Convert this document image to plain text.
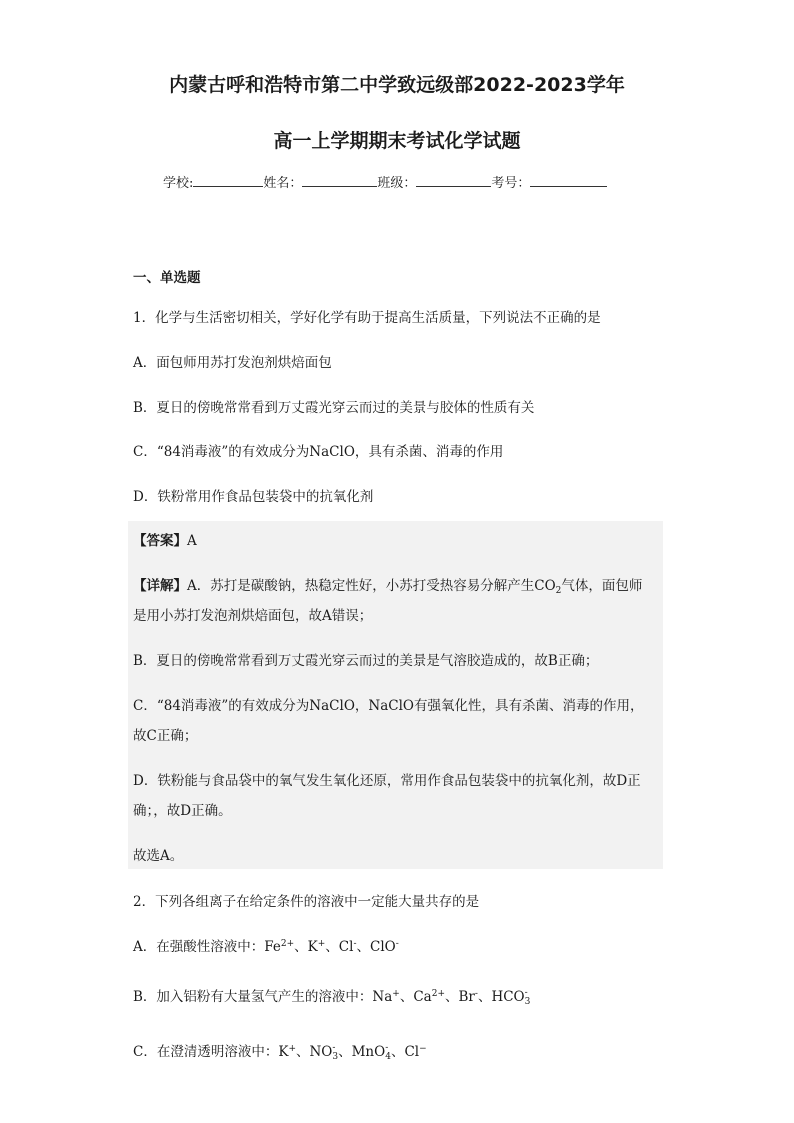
内蒙古呼和浩特市第二中学致远级部2022-2023学年
高一上学期期末考试化学试题
学校:	姓名：	班级：	考号：
一、单选题
1．化学与生活密切相关，学好化学有助于提高生活质量，下列说法不正确的是
A．面包师用苏打发泡剂烘焙面包
B．夏日的傍晚常常看到万丈霞光穿云而过的美景与胶体的性质有关
C．“84消毒液”的有效成分为NaClO，具有杀菌、消毒的作用
D．铁粉常用作食品包装袋中的抗氧化剂
【答案】A
【详解】A．苏打是碳酸钠，热稳定性好，小苏打受热容易分解产生$CO_2$气体，面包师
是用小苏打发泡剂烘焙面包，故A错误；
B．夏日的傍晚常常看到万丈霞光穿云而过的美景是气溶胶造成的，故B正确；
C．“84消毒液”的有效成分为NaClO，NaClO有强氧化性，具有杀菌、消毒的作用，
故C正确；
D．铁粉能与食品袋中的氧气发生氧化还原，常用作食品包装袋中的抗氧化剂，故D正
确；，故D正确。
故选A。
2．下列各组离子在给定条件的溶液中一定能大量共存的是
A．在强酸性溶液中：$Fe^{2+}$、K+、Cl-、ClO-
B．加入铝粉有大量氢气产生的溶液中：Na+、$Ca^{2+}$、Br-、HCO -
3
C．在澄清透明溶液中：K+、NO -
3 、MnO -
4 、Cl−
